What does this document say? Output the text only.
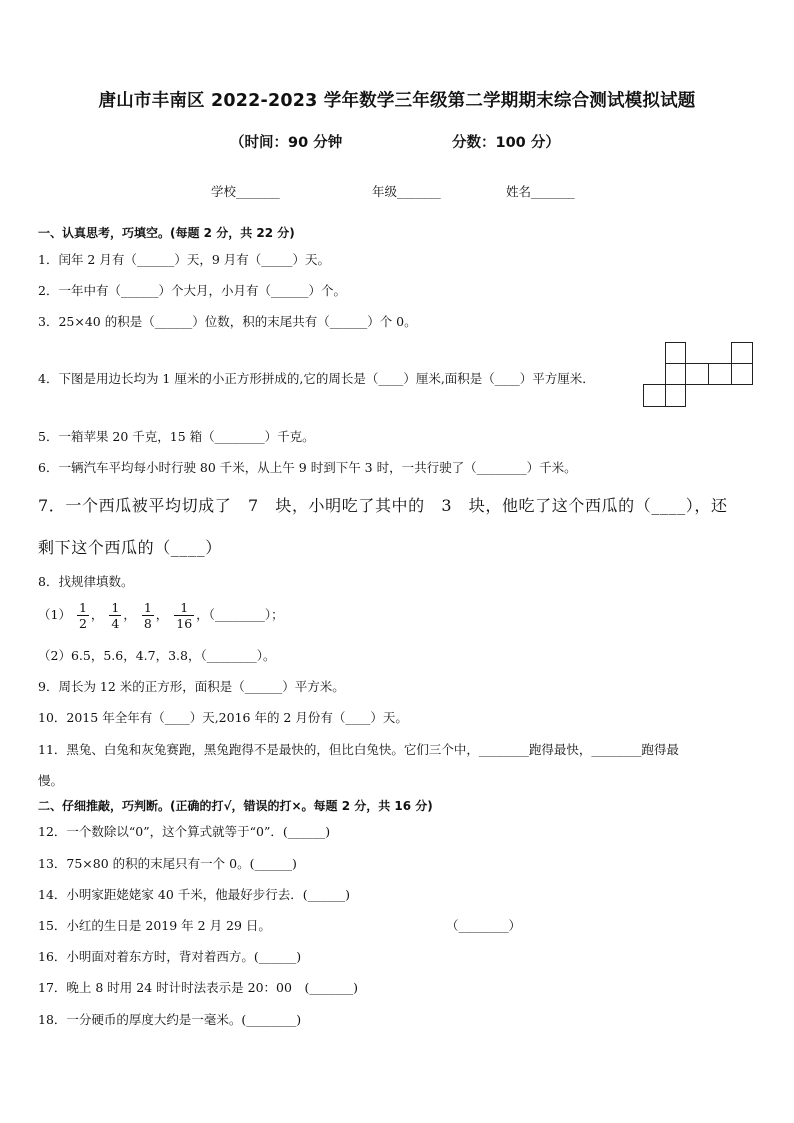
唐山市丰南区 2022-2023 学年数学三年级第二学期期末综合测试模拟试题
（时间：90 分钟	分数：100 分）
学校_______	年级_______	姓名_______
一、认真思考，巧填空。(每题 2 分，共 22 分)
1．闰年 2 月有（______）天，9 月有（_____）天。
2．一年中有（______）个大月，小月有（______）个。
3．25×40 的积是（______）位数，积的末尾共有（______）个 0。
4．下图是用边长均为 1 厘米的小正方形拼成的,它的周长是（____）厘米,面积是（____）平方厘米．
5．一箱苹果 20 千克，15 箱（________）千克。
6．一辆汽车平均每小时行驶 80 千米，从上午 9 时到下午 3 时，一共行驶了（________）千米。
7．一个西瓜被平均切成了　7　块，小明吃了其中的　3　块，他吃了这个西瓜的（____），还
剩下这个西瓜的（____）
8．找规律填数。
$(1) \frac{1}{2}$ ， $\frac{1}{4}$ ， $\frac{1}{8}$ ， $\frac{1}{16}$ ，（________）；
（2）6.5，5.6，4.7，3.8，（________）。
9．周长为 12 米的正方形，面积是（______）平方米。
10．2015 年全年有（____）天,2016 年的 2 月份有（____）天。
11．黑兔、白兔和灰兔赛跑，黑兔跑得不是最快的，但比白兔快。它们三个中，________跑得最快，________跑得最
慢。
二、仔细推敲，巧判断。(正确的打√，错误的打×。每题 2 分，共 16 分)
12．一个数除以“0”，这个算式就等于“0”．(______)
13．75×80 的积的末尾只有一个 0。(______)
14．小明家距姥姥家 40 千米，他最好步行去．(______)
15．小红的生日是 2019 年 2 月 29 日。	（________）
16．小明面对着东方时，背对着西方。(______)
17．晚上 8 时用 24 时计时法表示是 20：00　(_______)
18．一分硬币的厚度大约是一毫米。(________)
